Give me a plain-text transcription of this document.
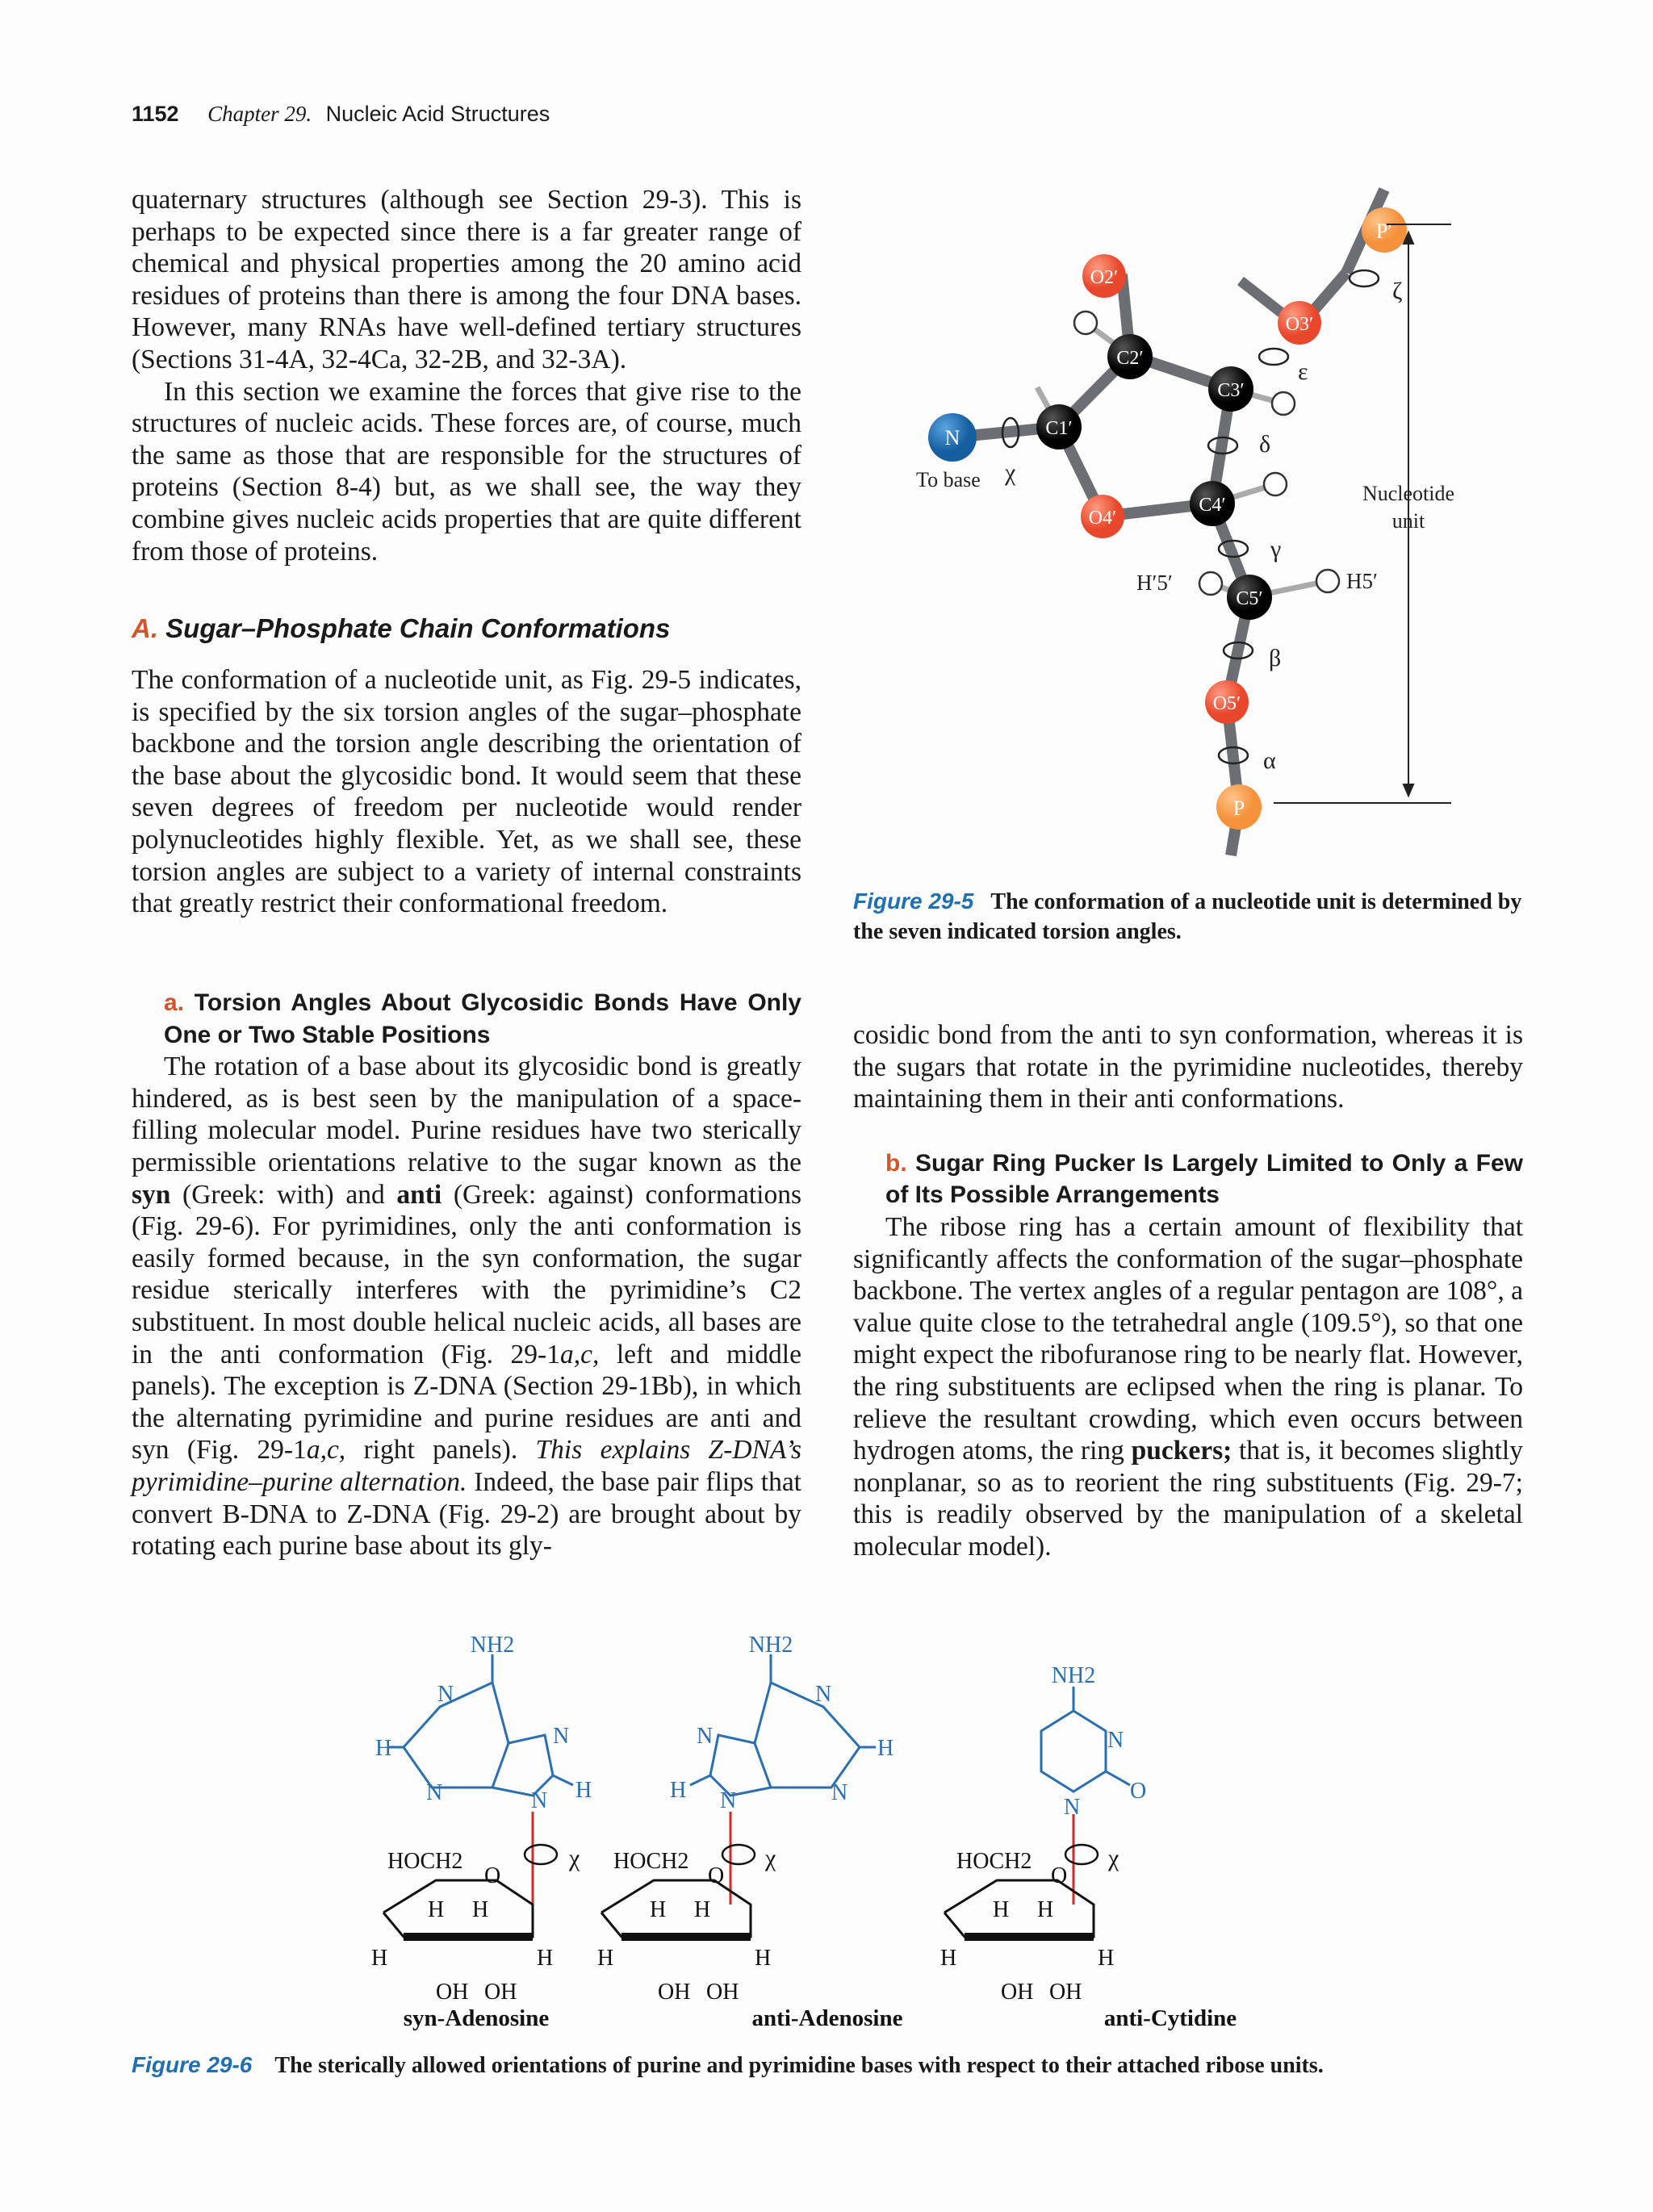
1152 Chapter 29. Nucleic Acid Structures

quaternary structures (although see Section 29-3). This is perhaps to be expected since there is a far greater range of chemical and physical properties among the 20 amino acid residues of proteins than there is among the four DNA bases. However, many RNAs have well-defined tertiary structures (Sections 31-4A, 32-4Ca, 32-2B, and 32-3A).

In this section we examine the forces that give rise to the structures of nucleic acids. These forces are, of course, much the same as those that are responsible for the structures of proteins (Section 8-4) but, as we shall see, the way they combine gives nucleic acids properties that are quite different from those of proteins.

A. Sugar–Phosphate Chain Conformations

The conformation of a nucleotide unit, as Fig. 29-5 indicates, is specified by the six torsion angles of the sugar–phosphate backbone and the torsion angle describing the orientation of the base about the glycosidic bond. It would seem that these seven degrees of freedom per nucleotide would render polynucleotides highly flexible. Yet, as we shall see, these torsion angles are subject to a variety of internal constraints that greatly restrict their conformational freedom.

a. Torsion Angles About Glycosidic Bonds Have Only One or Two Stable Positions

The rotation of a base about its glycosidic bond is greatly hindered, as is best seen by the manipulation of a space-filling molecular model. Purine residues have two sterically permissible orientations relative to the sugar known as the syn (Greek: with) and anti (Greek: against) conformations (Fig. 29-6). For pyrimidines, only the anti conformation is easily formed because, in the syn conformation, the sugar residue sterically interferes with the pyrimidine’s C2 substituent. In most double helical nucleic acids, all bases are in the anti conformation (Fig. 29-1a,c, left and middle panels). The exception is Z-DNA (Section 29-1Bb), in which the alternating pyrimidine and purine residues are anti and syn (Fig. 29-1a,c, right panels). This explains Z-DNA’s pyrimidine–purine alternation. Indeed, the base pair flips that convert B-DNA to Z-DNA (Fig. 29-2) are brought about by rotating each purine base about its gly-

cosidic bond from the anti to syn conformation, whereas it is the sugars that rotate in the pyrimidine nucleotides, thereby maintaining them in their anti conformations.

b. Sugar Ring Pucker Is Largely Limited to Only a Few of Its Possible Arrangements

The ribose ring has a certain amount of flexibility that significantly affects the conformation of the sugar–phosphate backbone. The vertex angles of a regular pentagon are 108°, a value quite close to the tetrahedral angle (109.5°), so that one might expect the ribofuranose ring to be nearly flat. However, the ring substituents are eclipsed when the ring is planar. To relieve the resultant crowding, which even occurs between hydrogen atoms, the ring puckers; that is, it becomes slightly nonplanar, so as to reorient the ring substituents (Fig. 29-7; this is readily observed by the manipulation of a skeletal molecular model).

P′
O2′
O3′
C2′
C3′
N	C1′
C4′
O4′
C5′
O5′
P
ζ
ε
δ
χ
γ
β
α
To base
H′5′	H5′
Nucleotide
unit
Figure 29-5 The conformation of a nucleotide unit is determined by the seven indicated torsion angles.
NH2
N
N
N
N
H
H
HOCH2
O
H H
H	H
OH OH
χ
NH2
N
N
N
N
H
H
HOCH2
O
H H
H	H
OH OH
χ
NH2
N
N
O
HOCH2
O
H H
H	H
OH OH
χ
syn-Adenosine	anti-Adenosine	anti-Cytidine
Figure 29-6 The sterically allowed orientations of purine and pyrimidine bases with respect to their attached ribose units.
